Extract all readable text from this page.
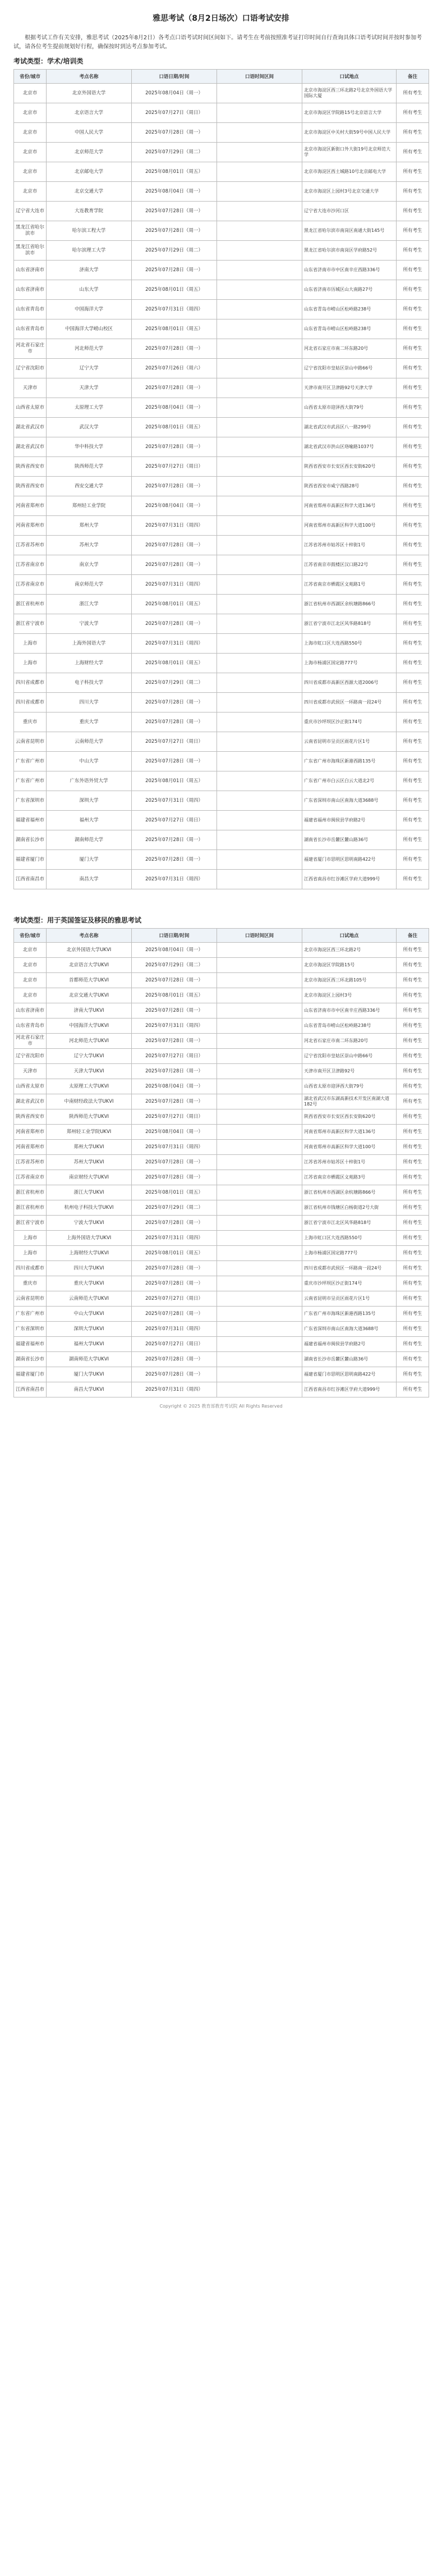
雅思考试（8月2日场次）口语考试安排

根据考试工作有关安排，雅思考试（2025年8月2日）各考点口语考试时间区间如下。请考生在考前按照准考证打印时间自行查询具体口语考试时间并按时参加考试，请各位考生提前规划好行程，确保按时到达考点参加考试。

考试类型：学术/培训类
省份/城市	考点名称	口语日期/时间	口语时间区间	口试地点	备注
北京市	北京外国语大学	2025年08月04日（周一）		北京市海淀区西三环北路2号北京外国语大学国际大厦	所有考生
北京市	北京语言大学	2025年07月27日（周日）		北京市海淀区学院路15号北京语言大学	所有考生
北京市	中国人民大学	2025年07月28日（周一）		北京市海淀区中关村大街59号中国人民大学	所有考生
北京市	北京师范大学	2025年07月29日（周二）		北京市海淀区新街口外大街19号北京师范大学	所有考生
北京市	北京邮电大学	2025年08月01日（周五）		北京市海淀区西土城路10号北京邮电大学	所有考生
北京市	北京交通大学	2025年08月04日（周一）		北京市海淀区上园村3号北京交通大学	所有考生
辽宁省大连市	大连教育学院	2025年07月28日（周一）		辽宁省大连市沙河口区	所有考生
黑龙江省哈尔滨市	哈尔滨工程大学	2025年07月28日（周一）		黑龙江省哈尔滨市南岗区南通大街145号	所有考生
黑龙江省哈尔滨市	哈尔滨理工大学	2025年07月29日（周二）		黑龙江省哈尔滨市南岗区学府路52号	所有考生
山东省济南市	济南大学	2025年07月28日（周一）		山东省济南市市中区南辛庄西路336号	所有考生
山东省济南市	山东大学	2025年08月01日（周五）		山东省济南市历城区山大南路27号	所有考生
山东省青岛市	中国海洋大学	2025年07月31日（周四）		山东省青岛市崂山区松岭路238号	所有考生
山东省青岛市	中国海洋大学崂山校区	2025年08月01日（周五）		山东省青岛市崂山区松岭路238号	所有考生
河北省石家庄市	河北师范大学	2025年07月28日（周一）		河北省石家庄市南二环东路20号	所有考生
辽宁省沈阳市	辽宁大学	2025年07月26日（周六）		辽宁省沈阳市皇姑区崇山中路66号	所有考生
天津市	天津大学	2025年07月28日（周一）		天津市南开区卫津路92号天津大学	所有考生
山西省太原市	太原理工大学	2025年08月04日（周一）		山西省太原市迎泽西大街79号	所有考生
湖北省武汉市	武汉大学	2025年08月01日（周五）		湖北省武汉市武昌区八一路299号	所有考生
湖北省武汉市	华中科技大学	2025年07月28日（周一）		湖北省武汉市洪山区珞喻路1037号	所有考生
陕西省西安市	陕西师范大学	2025年07月27日（周日）		陕西省西安市长安区西长安街620号	所有考生
陕西省西安市	西安交通大学	2025年07月28日（周一）		陕西省西安市咸宁西路28号	所有考生
河南省郑州市	郑州轻工业学院	2025年08月04日（周一）		河南省郑州市高新区科学大道136号	所有考生
河南省郑州市	郑州大学	2025年07月31日（周四）		河南省郑州市高新区科学大道100号	所有考生
江苏省苏州市	苏州大学	2025年07月28日（周一）		江苏省苏州市姑苏区十梓街1号	所有考生
江苏省南京市	南京大学	2025年07月28日（周一）		江苏省南京市鼓楼区汉口路22号	所有考生
江苏省南京市	南京师范大学	2025年07月31日（周四）		江苏省南京市栖霞区文苑路1号	所有考生
浙江省杭州市	浙江大学	2025年08月01日（周五）		浙江省杭州市西湖区余杭塘路866号	所有考生
浙江省宁波市	宁波大学	2025年07月28日（周一）		浙江省宁波市江北区风华路818号	所有考生
上海市	上海外国语大学	2025年07月31日（周四）		上海市虹口区大连西路550号	所有考生
上海市	上海财经大学	2025年08月01日（周五）		上海市杨浦区国定路777号	所有考生
四川省成都市	电子科技大学	2025年07月29日（周二）		四川省成都市高新区西源大道2006号	所有考生
四川省成都市	四川大学	2025年07月28日（周一）		四川省成都市武侯区一环路南一段24号	所有考生
重庆市	重庆大学	2025年07月28日（周一）		重庆市沙坪坝区沙正街174号	所有考生
云南省昆明市	云南师范大学	2025年07月27日（周日）		云南省昆明市呈贡区雨花片区1号	所有考生
广东省广州市	中山大学	2025年07月28日（周一）		广东省广州市海珠区新港西路135号	所有考生
广东省广州市	广东外语外贸大学	2025年08月01日（周五）		广东省广州市白云区白云大道北2号	所有考生
广东省深圳市	深圳大学	2025年07月31日（周四）		广东省深圳市南山区南海大道3688号	所有考生
福建省福州市	福州大学	2025年07月27日（周日）		福建省福州市闽侯县学府路2号	所有考生
湖南省长沙市	湖南师范大学	2025年07月28日（周一）		湖南省长沙市岳麓区麓山路36号	所有考生
福建省厦门市	厦门大学	2025年07月28日（周一）		福建省厦门市思明区思明南路422号	所有考生
江西省南昌市	南昌大学	2025年07月31日（周四）		江西省南昌市红谷滩区学府大道999号	所有考生
考试类型：用于英国签证及移民的雅思考试
省份/城市	考点名称	口语日期/时间	口语时间区间	口试地点	备注
北京市	北京外国语大学UKVI	2025年08月04日（周一）		北京市海淀区西三环北路2号	所有考生
北京市	北京语言大学UKVI	2025年07月29日（周二）		北京市海淀区学院路15号	所有考生
北京市	首都师范大学UKVI	2025年07月28日（周一）		北京市海淀区西三环北路105号	所有考生
北京市	北京交通大学UKVI	2025年08月01日（周五）		北京市海淀区上园村3号	所有考生
山东省济南市	济南大学UKVI	2025年07月28日（周一）		山东省济南市市中区南辛庄西路336号	所有考生
山东省青岛市	中国海洋大学UKVI	2025年07月31日（周四）		山东省青岛市崂山区松岭路238号	所有考生
河北省石家庄市	河北师范大学UKVI	2025年07月28日（周一）		河北省石家庄市南二环东路20号	所有考生
辽宁省沈阳市	辽宁大学UKVI	2025年07月27日（周日）		辽宁省沈阳市皇姑区崇山中路66号	所有考生
天津市	天津大学UKVI	2025年07月28日（周一）		天津市南开区卫津路92号	所有考生
山西省太原市	太原理工大学UKVI	2025年08月04日（周一）		山西省太原市迎泽西大街79号	所有考生
湖北省武汉市	中南财经政法大学UKVI	2025年07月28日（周一）		湖北省武汉市东湖高新技术开发区南湖大道182号	所有考生
陕西省西安市	陕西师范大学UKVI	2025年07月27日（周日）		陕西省西安市长安区西长安街620号	所有考生
河南省郑州市	郑州轻工业学院UKVI	2025年08月04日（周一）		河南省郑州市高新区科学大道136号	所有考生
河南省郑州市	郑州大学UKVI	2025年07月31日（周四）		河南省郑州市高新区科学大道100号	所有考生
江苏省苏州市	苏州大学UKVI	2025年07月28日（周一）		江苏省苏州市姑苏区十梓街1号	所有考生
江苏省南京市	南京财经大学UKVI	2025年07月28日（周一）		江苏省南京市栖霞区文苑路3号	所有考生
浙江省杭州市	浙江大学UKVI	2025年08月01日（周五）		浙江省杭州市西湖区余杭塘路866号	所有考生
浙江省杭州市	杭州电子科技大学UKVI	2025年07月29日（周二）		浙江省杭州市钱塘区白杨街道2号大街	所有考生
浙江省宁波市	宁波大学UKVI	2025年07月28日（周一）		浙江省宁波市江北区风华路818号	所有考生
上海市	上海外国语大学UKVI	2025年07月31日（周四）		上海市虹口区大连西路550号	所有考生
上海市	上海财经大学UKVI	2025年08月01日（周五）		上海市杨浦区国定路777号	所有考生
四川省成都市	四川大学UKVI	2025年07月28日（周一）		四川省成都市武侯区一环路南一段24号	所有考生
重庆市	重庆大学UKVI	2025年07月28日（周一）		重庆市沙坪坝区沙正街174号	所有考生
云南省昆明市	云南师范大学UKVI	2025年07月27日（周日）		云南省昆明市呈贡区雨花片区1号	所有考生
广东省广州市	中山大学UKVI	2025年07月28日（周一）		广东省广州市海珠区新港西路135号	所有考生
广东省深圳市	深圳大学UKVI	2025年07月31日（周四）		广东省深圳市南山区南海大道3688号	所有考生
福建省福州市	福州大学UKVI	2025年07月27日（周日）		福建省福州市闽侯县学府路2号	所有考生
湖南省长沙市	湖南师范大学UKVI	2025年07月28日（周一）		湖南省长沙市岳麓区麓山路36号	所有考生
福建省厦门市	厦门大学UKVI	2025年07月28日（周一）		福建省厦门市思明区思明南路422号	所有考生
江西省南昌市	南昌大学UKVI	2025年07月31日（周四）		江西省南昌市红谷滩区学府大道999号	所有考生
Copyright © 2025 教育部教育考试院 All Rights Reserved
